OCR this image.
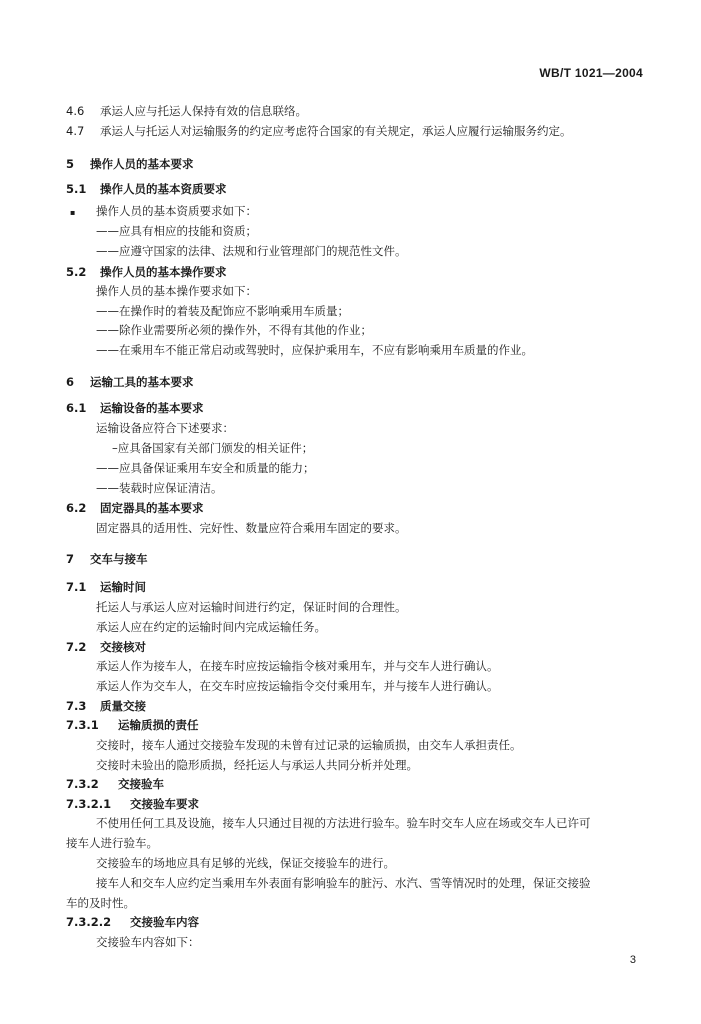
WB/T 1021—2004
4.6 承运人应与托运人保持有效的信息联络。
4.7 承运人与托运人对运输服务的约定应考虑符合国家的有关规定，承运人应履行运输服务约定。
5 操作人员的基本要求
5.1 操作人员的基本资质要求
▪ 操作人员的基本资质要求如下：
——应具有相应的技能和资质；
——应遵守国家的法律、法规和行业管理部门的规范性文件。
5.2 操作人员的基本操作要求
操作人员的基本操作要求如下：
——在操作时的着装及配饰应不影响乘用车质量；
——除作业需要所必须的操作外，不得有其他的作业；
——在乘用车不能正常启动或驾驶时，应保护乘用车，不应有影响乘用车质量的作业。
6 运输工具的基本要求
6.1 运输设备的基本要求
运输设备应符合下述要求：
–应具备国家有关部门颁发的相关证件；
——应具备保证乘用车安全和质量的能力；
——装载时应保证清洁。
6.2 固定器具的基本要求
固定器具的适用性、完好性、数量应符合乘用车固定的要求。
7 交车与接车
7.1 运输时间
托运人与承运人应对运输时间进行约定，保证时间的合理性。
承运人应在约定的运输时间内完成运输任务。
7.2 交接核对
承运人作为接车人，在接车时应按运输指令核对乘用车，并与交车人进行确认。
承运人作为交车人，在交车时应按运输指令交付乘用车，并与接车人进行确认。
7.3 质量交接
7.3.1 运输质损的责任
交接时，接车人通过交接验车发现的未曾有过记录的运输质损，由交车人承担责任。
交接时未验出的隐形质损，经托运人与承运人共同分析并处理。
7.3.2 交接验车
7.3.2.1 交接验车要求
不使用任何工具及设施，接车人只通过目视的方法进行验车。验车时交车人应在场或交车人已许可
接车人进行验车。
交接验车的场地应具有足够的光线，保证交接验车的进行。
接车人和交车人应约定当乘用车外表面有影响验车的脏污、水汽、雪等情况时的处理，保证交接验
车的及时性。
7.3.2.2 交接验车内容
交接验车内容如下：
3
